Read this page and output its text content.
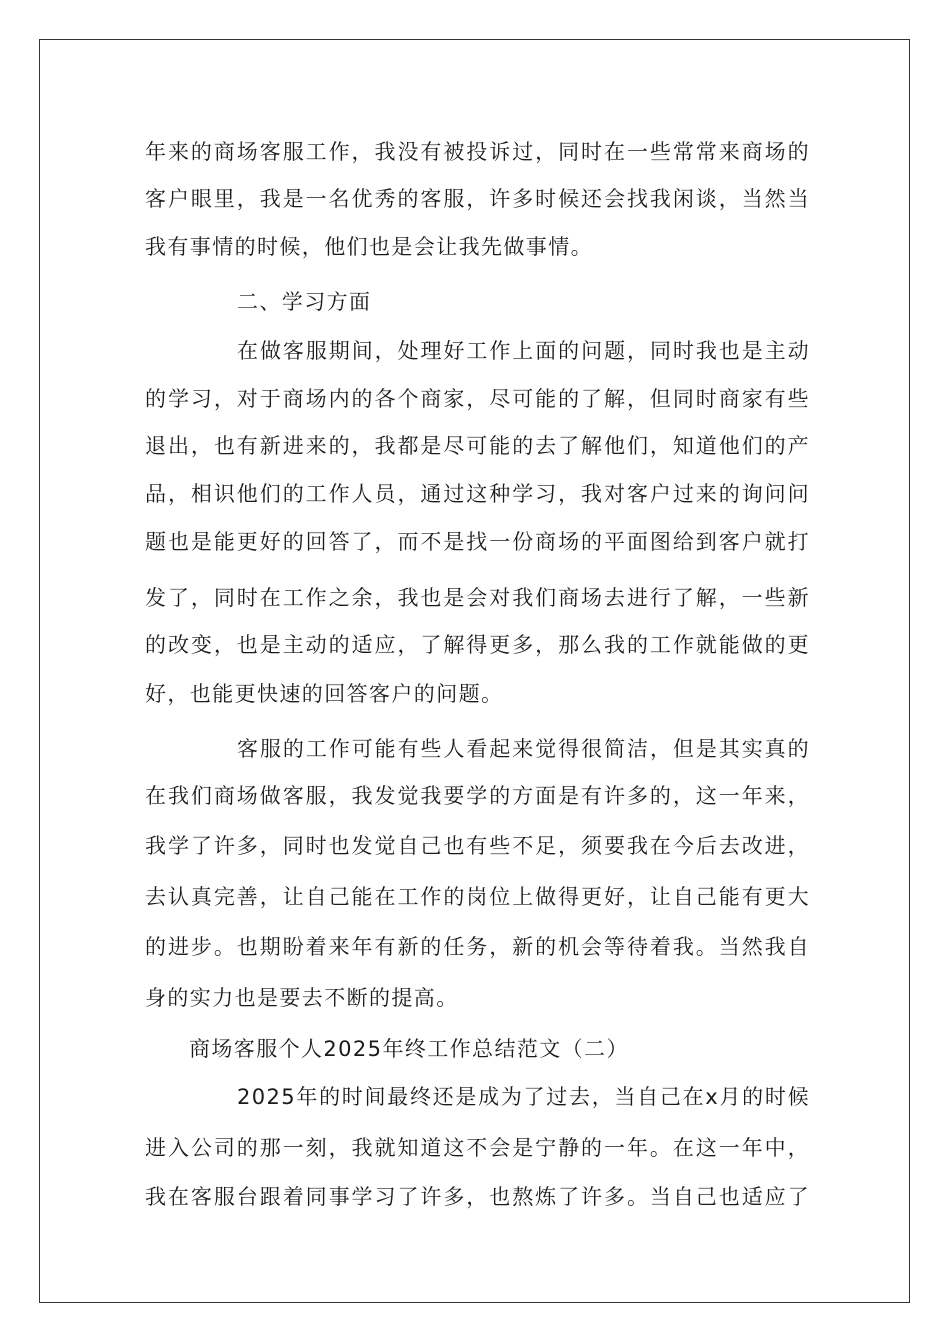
年来的商场客服工作，我没有被投诉过，同时在一些常常来商场的
客户眼里，我是一名优秀的客服，许多时候还会找我闲谈，当然当
我有事情的时候，他们也是会让我先做事情。
二、学习方面
在做客服期间，处理好工作上面的问题，同时我也是主动
的学习，对于商场内的各个商家，尽可能的了解，但同时商家有些
退出，也有新进来的，我都是尽可能的去了解他们，知道他们的产
品，相识他们的工作人员，通过这种学习，我对客户过来的询问问
题也是能更好的回答了，而不是找一份商场的平面图给到客户就打
发了，同时在工作之余，我也是会对我们商场去进行了解，一些新
的改变，也是主动的适应，了解得更多，那么我的工作就能做的更
好，也能更快速的回答客户的问题。
客服的工作可能有些人看起来觉得很简洁，但是其实真的
在我们商场做客服，我发觉我要学的方面是有许多的，这一年来，
我学了许多，同时也发觉自己也有些不足，须要我在今后去改进，
去认真完善，让自己能在工作的岗位上做得更好，让自己能有更大
的进步。也期盼着来年有新的任务，新的机会等待着我。当然我自
身的实力也是要去不断的提高。
商场客服个人2025年终工作总结范文（二）
2025年的时间最终还是成为了过去，当自己在x月的时候
进入公司的那一刻，我就知道这不会是宁静的一年。在这一年中，
我在客服台跟着同事学习了许多，也熬炼了许多。当自己也适应了
